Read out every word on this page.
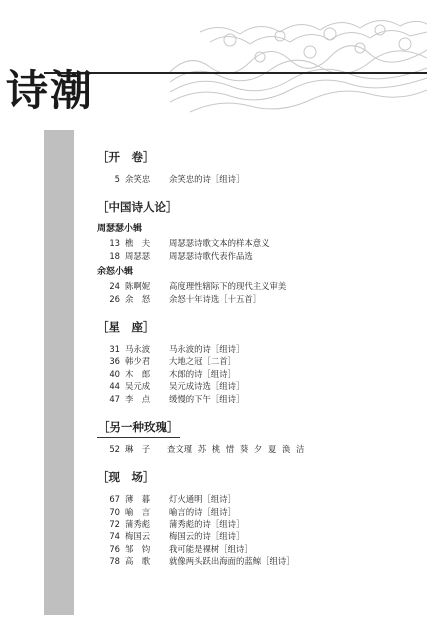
诗潮
［开　卷］
5 余笑忠	余笑忠的诗［组诗］
［中国诗人论］
周瑟瑟小辑
13 樵　夫	周瑟瑟诗歌文本的样本意义
18 周瑟瑟	周瑟瑟诗歌代表作品选
余怒小辑
24 陈啊妮	高度理性辖际下的现代主义审美
26 余　怒	余怒十年诗选［十五首］
［星　座］
31 马永波	马永波的诗［组诗］
36 韩少君	大地之冠［二首］
40 木　郎	木郎的诗［组诗］
44 吴元成	吴元成诗选［组诗］
47 李　点	缓慢的下午［组诗］
［另一种玫瑰］
52 琳　子 查文瑾 苏 桃 惜 葵 夕 夏 涣 洁
［现　场］
67 薄　暮	灯火通明［组诗］
70 喻　言	喻言的诗［组诗］
72 蒲秀彪	蒲秀彪的诗［组诗］
74 梅国云	梅国云的诗［组诗］
76 邹　钧	我可能是裸树［组诗］
78 高　歌	就像两头跃出海面的蓝鲸［组诗］
